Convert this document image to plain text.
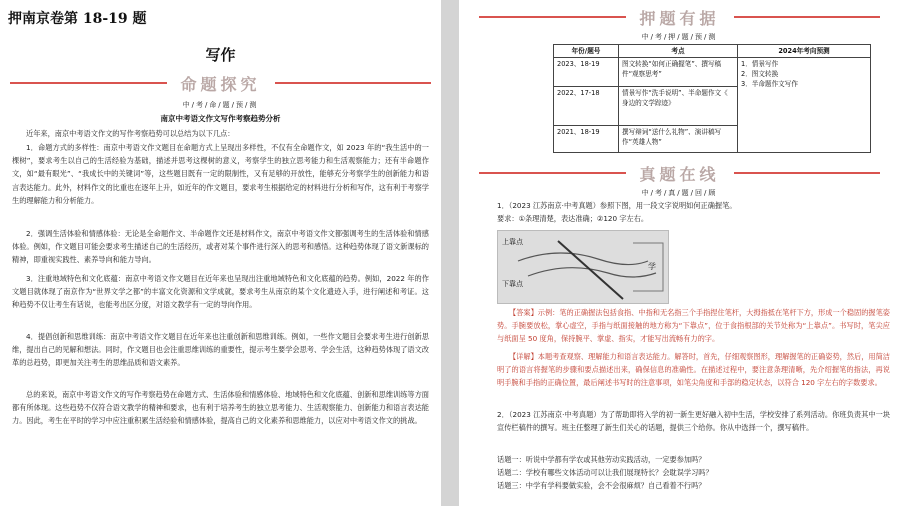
押南京卷第 18-19 题
写作
命题探究
中/考/命/题/预/测
南京中考语文作文写作考察趋势分析
近年来，南京中考语文作文的写作考察趋势可以总结为以下几点：
1．命题方式的多样性：南京中考语文作文题目在命题方式上呈现出多样性，不仅有全命题作文，如 2023 年的“我生活中的一棵树”，要求考生以自己的生活经验为基础，描述并思考这棵树的意义，考察学生的独立思考能力和生活观察能力；还有半命题作文，如“最有眼光”、“我成长中的关键词”等，这些题目既有一定的限制性，又有足够的开放性，能够充分考察学生的创新能力和语言表达能力。此外，材料作文的比重也在逐年上升，如近年的作文题目，要求考生根据给定的材料进行分析和写作，这有利于考察学生的理解能力和分析能力。
2．强调生活体验和情感体验：无论是全命题作文、半命题作文还是材料作文，南京中考语文作文都强调考生的生活体验和情感体验。例如，作文题目可能会要求考生描述自己的生活经历，或者对某个事件进行深入的思考和感悟。这种趋势体现了语文新课标的精神，即重视实践性、素养导向和能力导向。
3．注重地域特色和文化底蕴：南京中考语文作文题目在近年来也呈现出注重地域特色和文化底蕴的趋势。例如，2022 年的作文题目就体现了南京作为“世界文学之都”的丰富文化资源和文学成就，要求考生从南京的某个文化遗迹入手，进行阐述和考证。这种趋势不仅让考生有话说，也能考出区分度，对语文教学有一定的导向作用。
4．提倡创新和思维训练：南京中考语文作文题目在近年来也注重创新和思维训练。例如，一些作文题目会要求考生进行创新思维，提出自己的见解和想法。同时，作文题目也会注重思维训练的重要性，提示考生要学会思考、学会生活，这种趋势体现了语文改革的总趋势，即更加关注考生的思维品质和语文素养。
总的来说，南京中考语文作文的写作考察趋势在命题方式、生活体验和情感体验、地域特色和文化底蕴、创新和思维训练等方面都有所体现。这些趋势不仅符合语文教学的精神和要求，也有利于培养考生的独立思考能力、生活观察能力、创新能力和语言表达能力。因此，考生在平时的学习中应注重积累生活经验和情感体验，提高自己的文化素养和思维能力，以应对中考语文作文的挑战。
押题有据
中/考/押/题/预/测
年份/题号	考点	2024年考向预测
2023、18-19	图文转换“如何正确握笔”、撰写稿件“观察思考”	1．情景写作
2．图文转换
3．半命题作文写作

2022、17-18	情景写作“洗手说明”、半命题作文《　　身边的文学踪迹》	
2021、18-19	撰写辩词“送什么礼物”、演讲稿写作“英雄人物”	
真题在线
中/考/真/题/回/顾
1．（2023 江苏南京·中考真题）参照下图，用一段文字说明如何正确握笔。
要求：①条理清楚，表达准确；②120 字左右。
上靠点
下靠点
学
【答案】示例：笔的正确握法包括食指、中指和无名指三个手指捏住笔杆，大拇指抵在笔杆下方，形成一个稳固的握笔姿势。手腕要放松，掌心虚空，手指与纸面接触的地方称为“下靠点”，位于食指根部的关节处称为“上靠点”。书写时，笔尖应与纸面呈 50 度角，保持腕平、掌虚、指实，才能写出流畅有力的字。
【详解】本题考查观察、理解能力和语言表达能力。解答时，首先，仔细观察图形，理解握笔的正确姿势，然后，用简洁明了的语言将握笔的步骤和要点描述出来，确保信息的准确性。在描述过程中，要注意条理清晰，先介绍握笔的指法，再说明手腕和手指的正确位置，最后阐述书写时的注意事项，如笔尖角度和手部的稳定状态，以符合 120 字左右的字数要求。
2．（2023 江苏南京·中考真题）为了帮助即将入学的初一新生更好融入初中生活，学校安排了系列活动。你班负责其中一块宣传栏稿件的撰写。班主任整理了新生们关心的话题，提供三个给你。你从中选择一个，撰写稿件。
话题一：听说中学都有学农或其他劳动实践活动，一定要参加吗？
话题二：学校有哪些文体活动可以让我们展现特长？会耽误学习吗？
话题三：中学有学科要做实验，会不会很麻烦？自己看着不行吗？
